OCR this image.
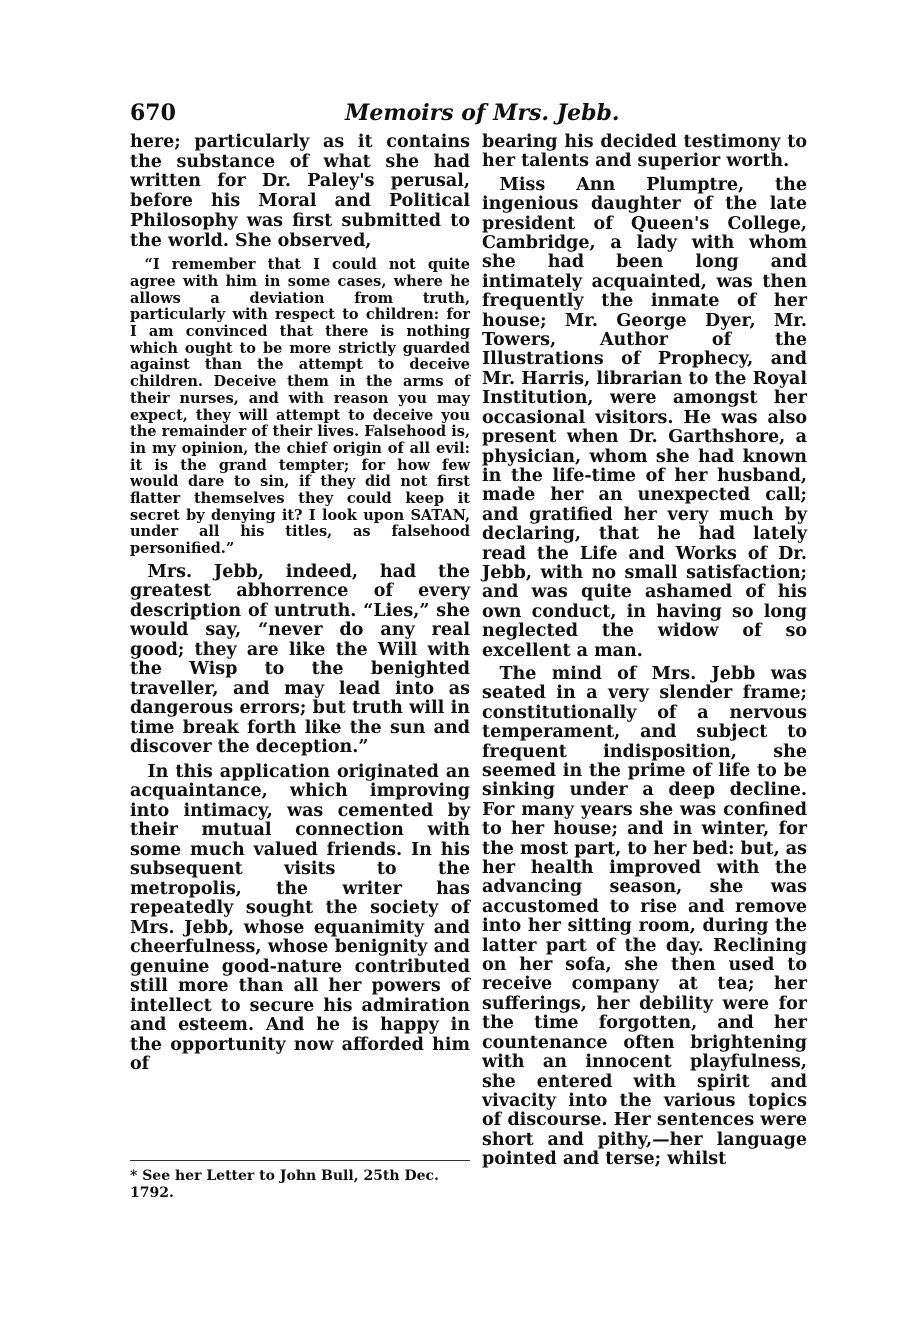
670	Memoirs of Mrs. Jebb.

here; particularly as it contains the substance of what she had written for Dr. Paley's perusal, before his Moral and Political Philosophy was first submitted to the world. She observed,

“I remember that I could not quite agree with him in some cases, where he allows a deviation from truth, particularly with respect to children: for I am convinced that there is nothing which ought to be more strictly guarded against than the attempt to deceive children. Deceive them in the arms of their nurses, and with reason you may expect, they will attempt to deceive you the remainder of their lives. Falsehood is, in my opinion, the chief origin of all evil: it is the grand tempter; for how few would dare to sin, if they did not first flatter themselves they could keep it secret by denying it? I look upon SATAN, under all his titles, as falsehood personified.”

Mrs. Jebb, indeed, had the greatest abhorrence of every description of untruth. “Lies,” she would say, “never do any real good; they are like the Will with the Wisp to the benighted traveller, and may lead into as dangerous errors; but truth will in time break forth like the sun and discover the deception.”

In this application originated an acquaintance, which improving into intimacy, was cemented by their mutual connection with some much valued friends. In his subsequent visits to the metropolis, the writer has repeatedly sought the society of Mrs. Jebb, whose equanimity and cheerfulness, whose benignity and genuine good-nature contributed still more than all her powers of intellect to secure his admiration and esteem. And he is happy in the opportunity now afforded him of

* See her Letter to John Bull, 25th Dec. 1792.

bearing his decided testimony to her talents and superior worth.

Miss Ann Plumptre, the ingenious daughter of the late president of Queen's College, Cambridge, a lady with whom she had been long and intimately acquainted, was then frequently the inmate of her house; Mr. George Dyer, Mr. Towers, Author of the Illustrations of Prophecy, and Mr. Harris, librarian to the Royal Institution, were amongst her occasional visitors. He was also present when Dr. Garthshore, a physician, whom she had known in the life-time of her husband, made her an unexpected call; and gratified her very much by declaring, that he had lately read the Life and Works of Dr. Jebb, with no small satisfaction; and was quite ashamed of his own conduct, in having so long neglected the widow of so excellent a man.

The mind of Mrs. Jebb was seated in a very slender frame; constitutionally of a nervous temperament, and subject to frequent indisposition, she seemed in the prime of life to be sinking under a deep decline. For many years she was confined to her house; and in winter, for the most part, to her bed: but, as her health improved with the advancing season, she was accustomed to rise and remove into her sitting room, during the latter part of the day. Reclining on her sofa, she then used to receive company at tea; her sufferings, her debility were for the time forgotten, and her countenance often brightening with an innocent playfulness, she entered with spirit and vivacity into the various topics of discourse. Her sentences were short and pithy,—her language pointed and terse; whilst
